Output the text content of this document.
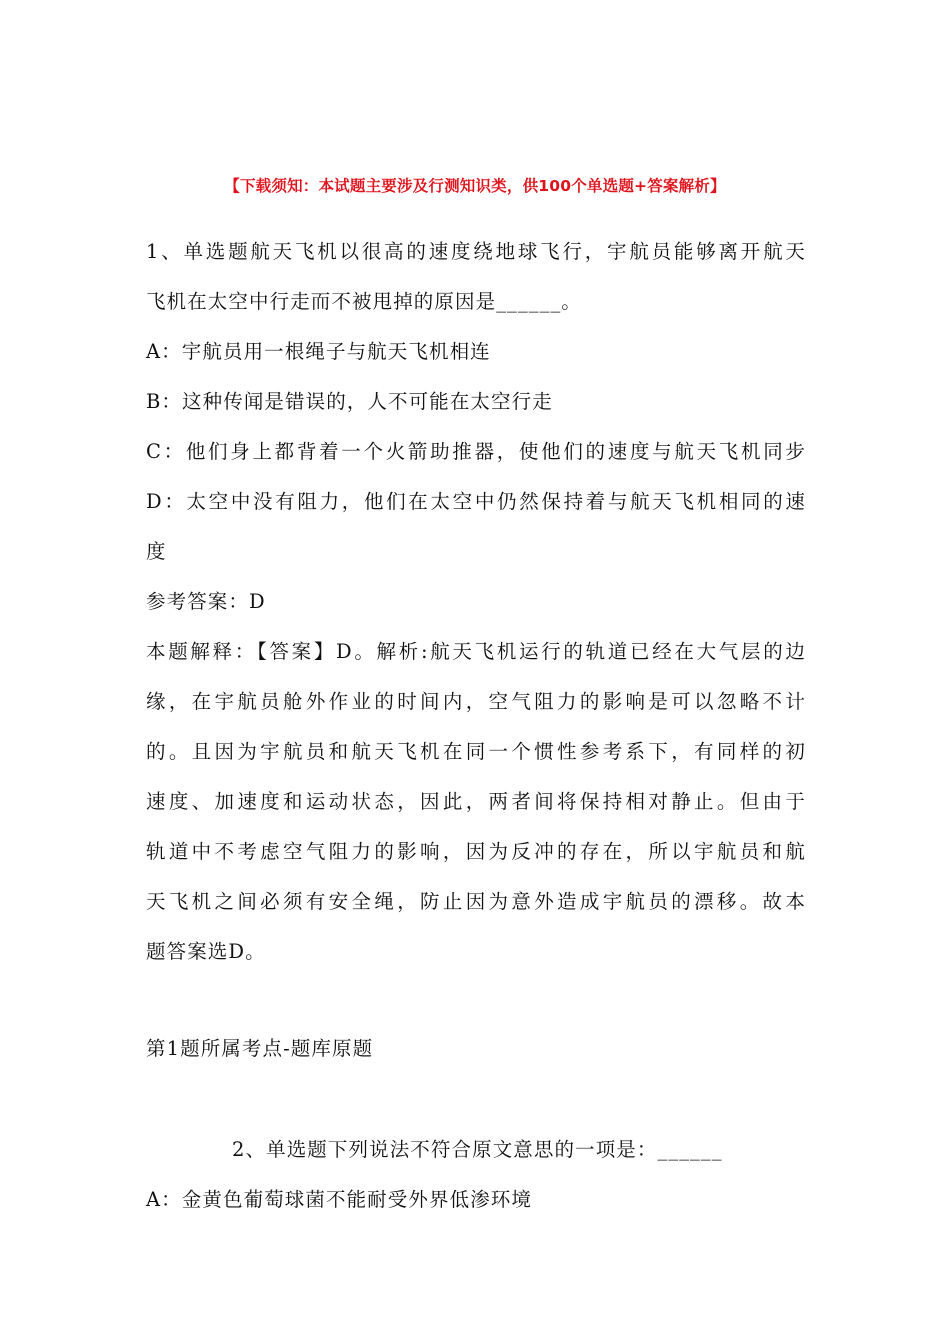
【下载须知：本试题主要涉及行测知识类，供100个单选题+答案解析】
1、单选题航天飞机以很高的速度绕地球飞行，宇航员能够离开航天
飞机在太空中行走而不被甩掉的原因是______。
A：宇航员用一根绳子与航天飞机相连
B：这种传闻是错误的，人不可能在太空行走
C：他们身上都背着一个火箭助推器，使他们的速度与航天飞机同步
D：太空中没有阻力，他们在太空中仍然保持着与航天飞机相同的速
度
参考答案：D
本题解释：【答案】D。解析:航天飞机运行的轨道已经在大气层的边
缘，在宇航员舱外作业的时间内，空气阻力的影响是可以忽略不计
的。且因为宇航员和航天飞机在同一个惯性参考系下，有同样的初
速度、加速度和运动状态，因此，两者间将保持相对静止。但由于
轨道中不考虑空气阻力的影响，因为反冲的存在，所以宇航员和航
天飞机之间必须有安全绳，防止因为意外造成宇航员的漂移。故本
题答案选D。
第1题所属考点-题库原题
2、单选题下列说法不符合原文意思的一项是：______
A：金黄色葡萄球菌不能耐受外界低渗环境
